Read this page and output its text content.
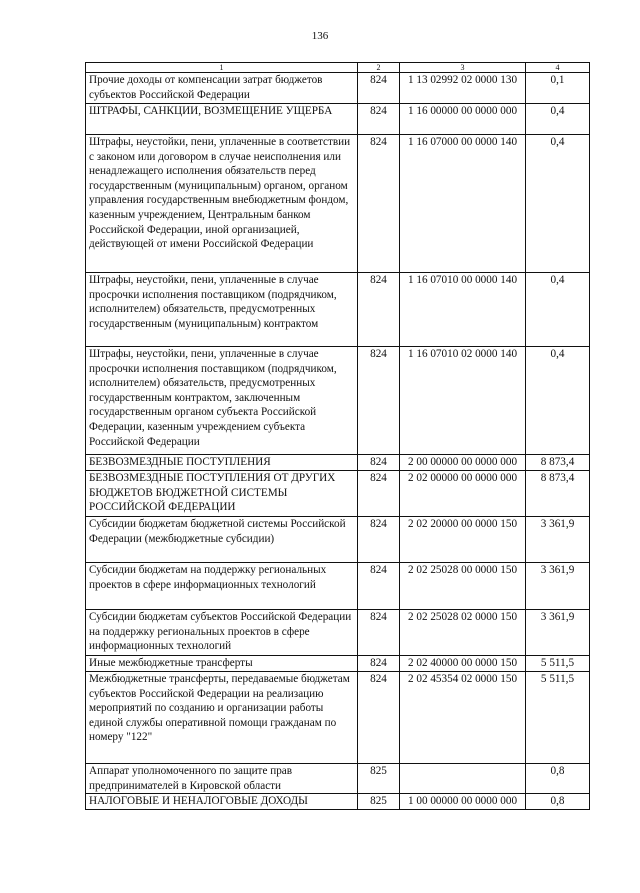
136
1	2	3	4
Прочие доходы от компенсации затрат бюджетов субъектов Российской Федерации	824	1 13 02992 02 0000 130	0,1
ШТРАФЫ, САНКЦИИ, ВОЗМЕЩЕНИЕ УЩЕРБА	824	1 16 00000 00 0000 000	0,4
Штрафы, неустойки, пени, уплаченные в соответствии с законом или договором в случае неисполнения или ненадлежащего исполнения обязательств перед государственным (муниципальным) органом, органом управления государственным внебюджетным фондом, казенным учреждением, Центральным банком Российской Федерации, иной организацией, действующей от имени Российской Федерации	824	1 16 07000 00 0000 140	0,4
Штрафы, неустойки, пени, уплаченные в случае просрочки исполнения поставщиком (подрядчиком, исполнителем) обязательств, предусмотренных государственным (муниципальным) контрактом	824	1 16 07010 00 0000 140	0,4
Штрафы, неустойки, пени, уплаченные в случае просрочки исполнения поставщиком (подрядчиком, исполнителем) обязательств, предусмотренных государственным контрактом, заключенным государственным органом субъекта Российской Федерации, казенным учреждением субъекта Российской Федерации	824	1 16 07010 02 0000 140	0,4
БЕЗВОЗМЕЗДНЫЕ ПОСТУПЛЕНИЯ	824	2 00 00000 00 0000 000	8 873,4
БЕЗВОЗМЕЗДНЫЕ ПОСТУПЛЕНИЯ ОТ ДРУГИХ БЮДЖЕТОВ БЮДЖЕТНОЙ СИСТЕМЫ РОССИЙСКОЙ ФЕДЕРАЦИИ	824	2 02 00000 00 0000 000	8 873,4
Субсидии бюджетам бюджетной системы Российской Федерации (межбюджетные субсидии)	824	2 02 20000 00 0000 150	3 361,9
Субсидии бюджетам на поддержку региональных проектов в сфере информационных технологий	824	2 02 25028 00 0000 150	3 361,9
Субсидии бюджетам субъектов Российской Федерации на поддержку региональных проектов в сфере информационных технологий	824	2 02 25028 02 0000 150	3 361,9
Иные межбюджетные трансферты	824	2 02 40000 00 0000 150	5 511,5
Межбюджетные трансферты, передаваемые бюджетам субъектов Российской Федерации на реализацию мероприятий по созданию и организации работы единой службы оперативной помощи гражданам по номеру "122"	824	2 02 45354 02 0000 150	5 511,5
Аппарат уполномоченного по защите прав предпринимателей в Кировской области	825		0,8
НАЛОГОВЫЕ И НЕНАЛОГОВЫЕ ДОХОДЫ	825	1 00 00000 00 0000 000	0,8
